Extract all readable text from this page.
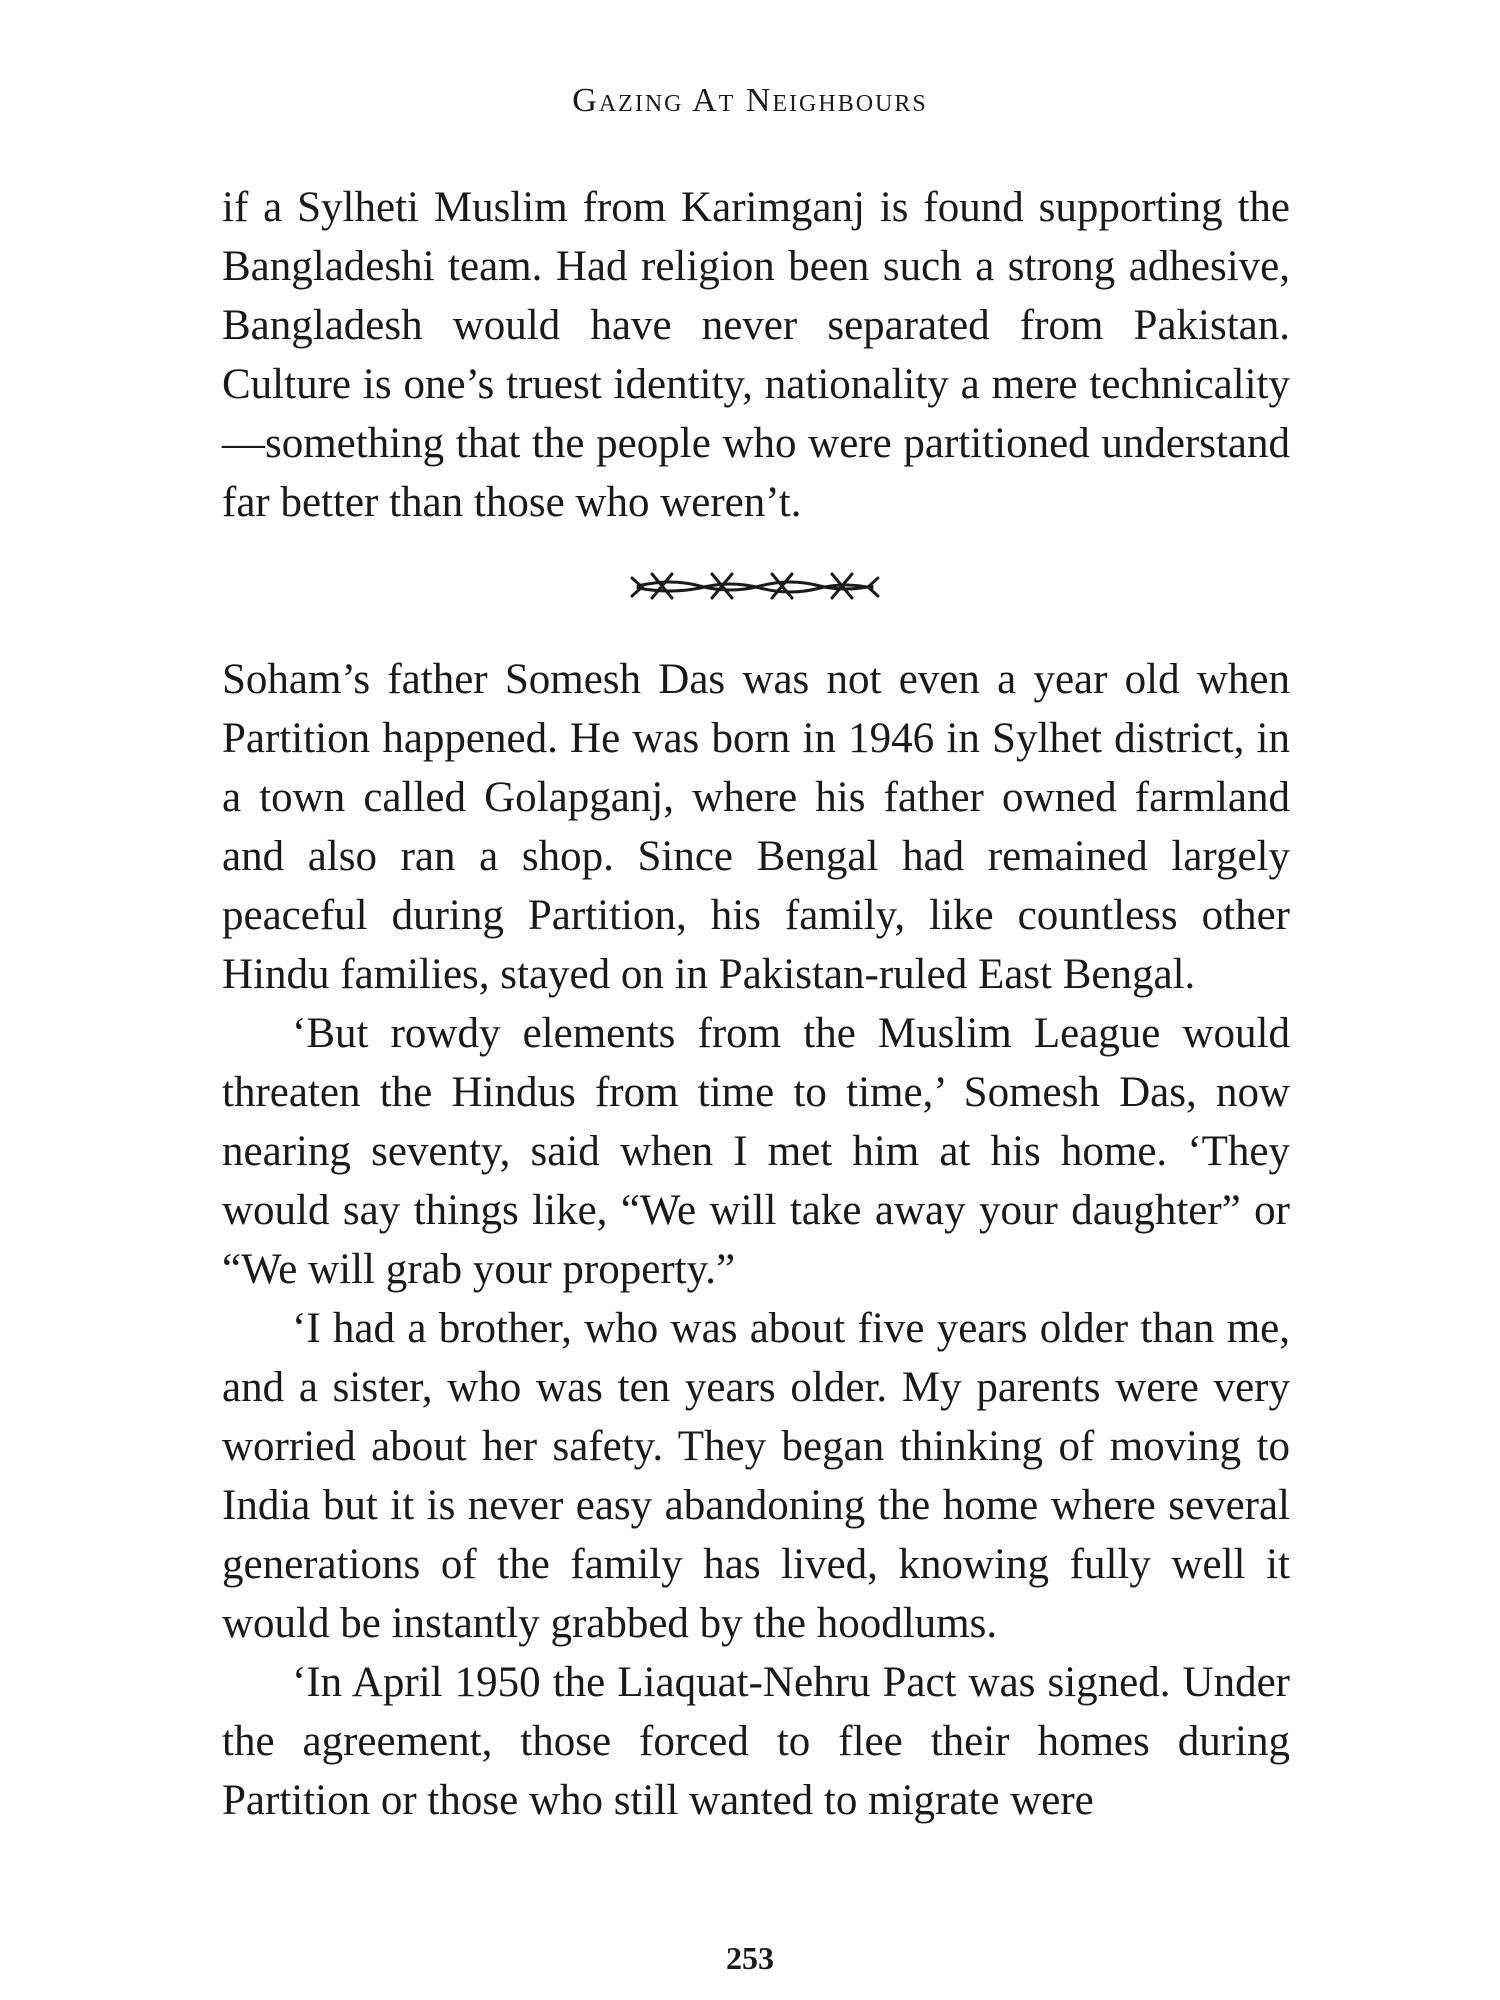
Gazing At Neighbours

if a Sylheti Muslim from Karimganj is found supporting the Bangladeshi team. Had religion been such a strong adhesive, Bangladesh would have never separated from Pakistan. Culture is one’s truest identity, nationality a mere technicality—something that the people who were partitioned understand far better than those who weren’t.

Soham’s father Somesh Das was not even a year old when Partition happened. He was born in 1946 in Sylhet district, in a town called Golapganj, where his father owned farmland and also ran a shop. Since Bengal had remained largely peaceful during Partition, his family, like countless other Hindu families, stayed on in Pakistan-ruled East Bengal.

‘But rowdy elements from the Muslim League would threaten the Hindus from time to time,’ Somesh Das, now nearing seventy, said when I met him at his home. ‘They would say things like, “We will take away your daughter” or “We will grab your property.”

‘I had a brother, who was about five years older than me, and a sister, who was ten years older. My parents were very worried about her safety. They began thinking of moving to India but it is never easy abandoning the home where several generations of the family has lived, knowing fully well it would be instantly grabbed by the hoodlums.

‘In April 1950 the Liaquat-Nehru Pact was signed. Under the agreement, those forced to flee their homes during Partition or those who still wanted to migrate were

253
